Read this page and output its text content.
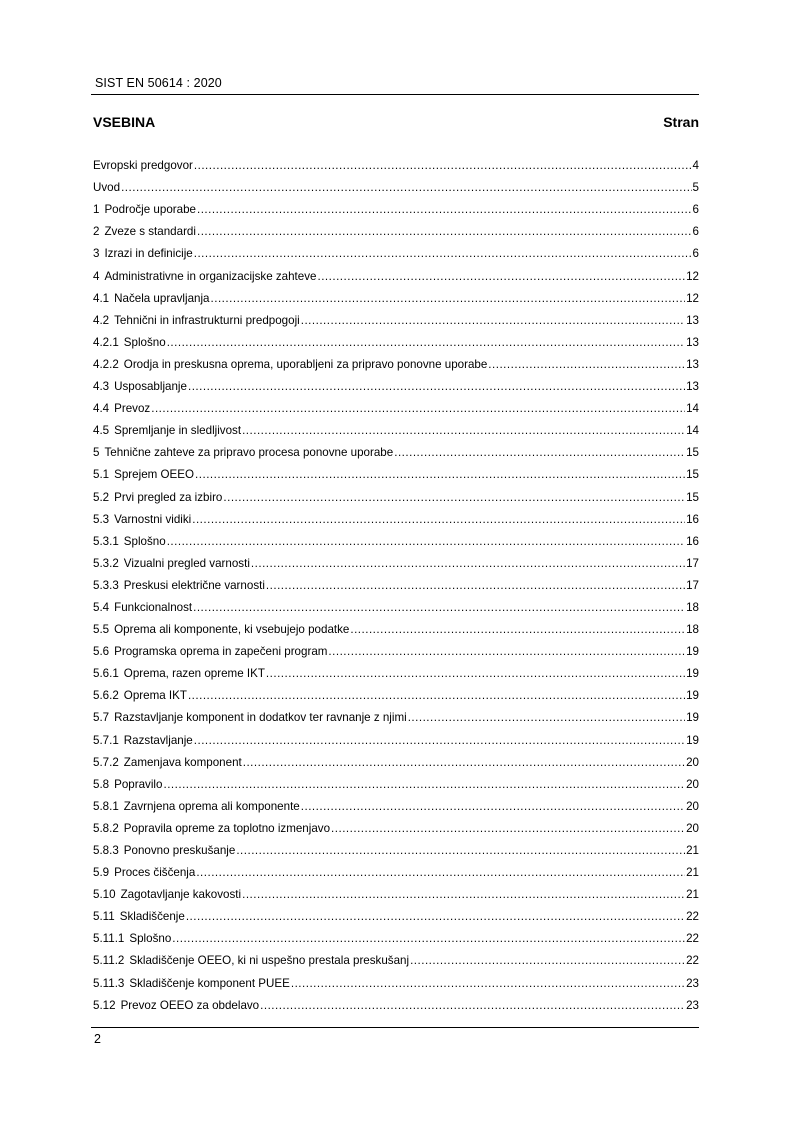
SIST EN 50614 : 2020
VSEBINA	Stran
Evropski predgovor .....	4
Uvod .....	5
1 Področje uporabe .....	6
2 Zveze s standardi .....	6
3 Izrazi in definicije .....	6
4 Administrativne in organizacijske zahteve .....	12
4.1 Načela upravljanja .....	12
4.2 Tehnični in infrastrukturni predpogoji .....	13
4.2.1 Splošno .....	13
4.2.2 Orodja in preskusna oprema, uporabljeni za pripravo ponovne uporabe .....	13
4.3 Usposabljanje .....	13
4.4 Prevoz .....	14
4.5 Spremljanje in sledljivost .....	14
5 Tehnične zahteve za pripravo procesa ponovne uporabe .....	15
5.1 Sprejem OEEO .....	15
5.2 Prvi pregled za izbiro .....	15
5.3 Varnostni vidiki .....	16
5.3.1 Splošno .....	16
5.3.2 Vizualni pregled varnosti .....	17
5.3.3 Preskusi električne varnosti .....	17
5.4 Funkcionalnost .....	18
5.5 Oprema ali komponente, ki vsebujejo podatke .....	18
5.6 Programska oprema in zapečeni program .....	19
5.6.1 Oprema, razen opreme IKT .....	19
5.6.2 Oprema IKT .....	19
5.7 Razstavljanje komponent in dodatkov ter ravnanje z njimi .....	19
5.7.1 Razstavljanje .....	19
5.7.2 Zamenjava komponent .....	20
5.8 Popravilo .....	20
5.8.1 Zavrnjena oprema ali komponente .....	20
5.8.2 Popravila opreme za toplotno izmenjavo .....	20
5.8.3 Ponovno preskušanje .....	21
5.9 Proces čiščenja .....	21
5.10 Zagotavljanje kakovosti .....	21
5.11 Skladiščenje .....	22
5.11.1 Splošno .....	22
5.11.2 Skladiščenje OEEO, ki ni uspešno prestala preskušanj .....	22
5.11.3 Skladiščenje komponent PUEE .....	23
5.12 Prevoz OEEO za obdelavo .....	23
2
